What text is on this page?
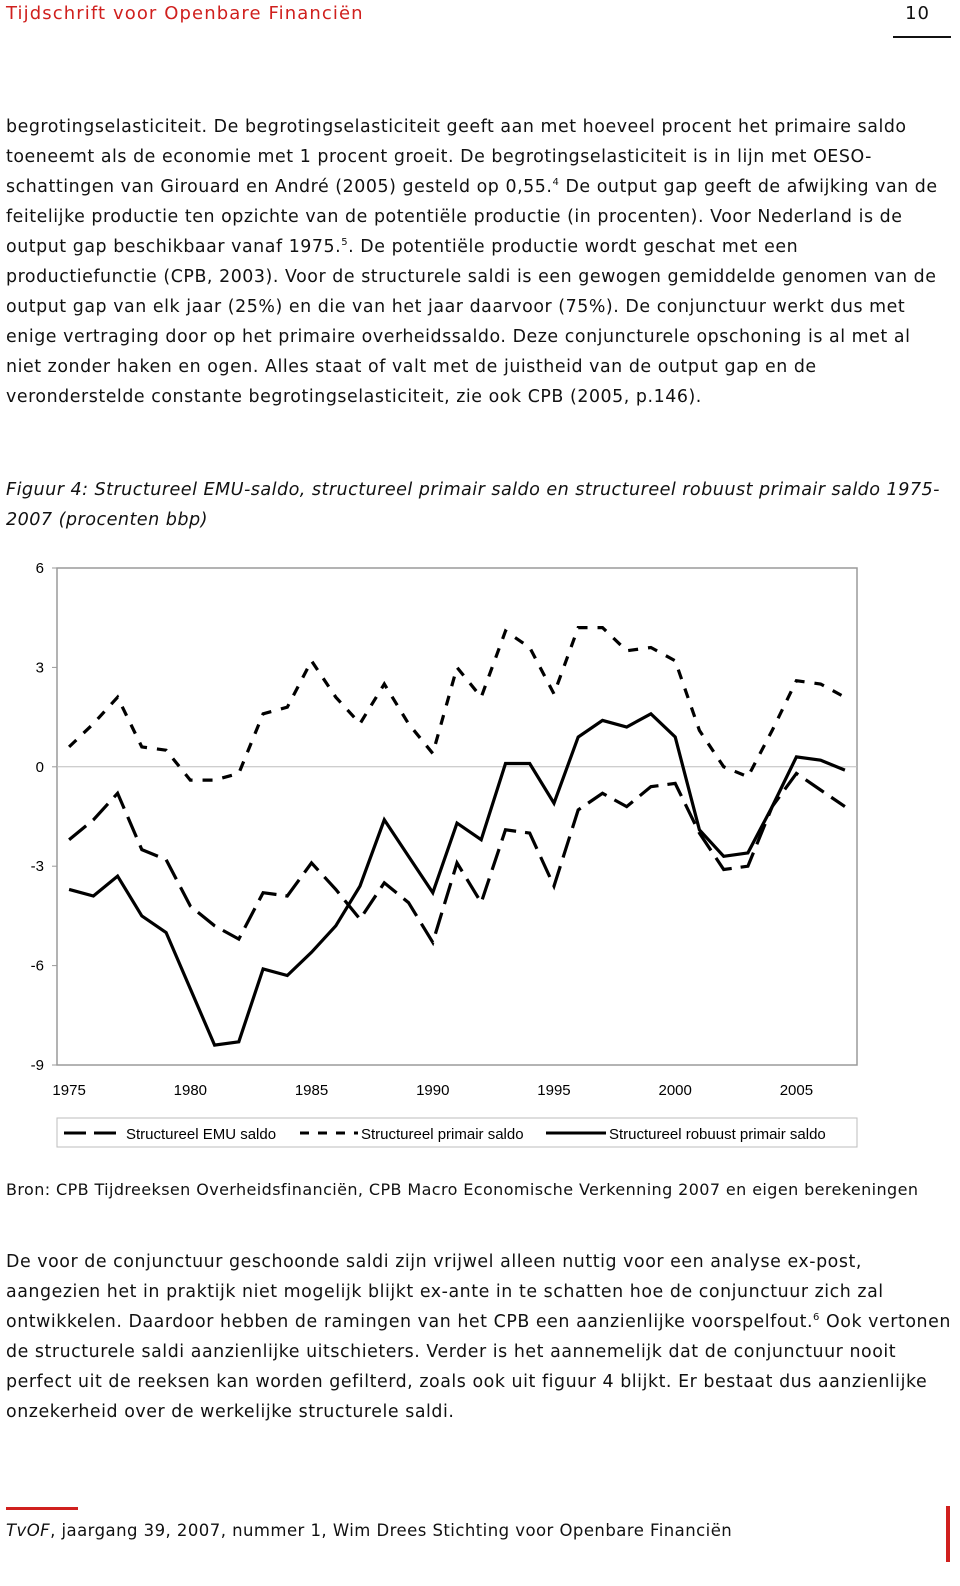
Tijdschrift voor Openbare Financiën	10

begrotingselasticiteit. De begrotingselasticiteit geeft aan met hoeveel procent het primaire saldo toeneemt als de economie met 1 procent groeit. De begrotingselasticiteit is in lijn met OESO-schattingen van Girouard en André (2005) gesteld op 0,55.$^4$ De output gap geeft de afwijking van de feitelijke productie ten opzichte van de potentiële productie (in procenten). Voor Nederland is de output gap beschikbaar vanaf 1975.$^5$. De potentiële productie wordt geschat met een productiefunctie (CPB, 2003). Voor de structurele saldi is een gewogen gemiddelde genomen van de output gap van elk jaar (25%) en die van het jaar daarvoor (75%). De conjunctuur werkt dus met enige vertraging door op het primaire overheidssaldo. Deze conjuncturele opschoning is al met al niet zonder haken en ogen. Alles staat of valt met de juistheid van de output gap en de veronderstelde constante begrotingselasticiteit, zie ook CPB (2005, p.146).

Figuur 4: Structureel EMU-saldo, structureel primair saldo en structureel robuust primair saldo 1975-2007 (procenten bbp)

6
3
0
-3
-6
-9
1975	1980	1985	1990	1995	2000	2005
Structureel EMU saldo	Structureel primair saldo	Structureel robuust primair saldo

Bron: CPB Tijdreeksen Overheidsfinanciën, CPB Macro Economische Verkenning 2007 en eigen berekeningen

De voor de conjunctuur geschoonde saldi zijn vrijwel alleen nuttig voor een analyse ex-post, aangezien het in praktijk niet mogelijk blijkt ex-ante in te schatten hoe de conjunctuur zich zal ontwikkelen. Daardoor hebben de ramingen van het CPB een aanzienlijke voorspelfout.$^6$ Ook vertonen de structurele saldi aanzienlijke uitschieters. Verder is het aannemelijk dat de conjunctuur nooit perfect uit de reeksen kan worden gefilterd, zoals ook uit figuur 4 blijkt. Er bestaat dus aanzienlijke onzekerheid over de werkelijke structurele saldi.

TvOF, jaargang 39, 2007, nummer 1, Wim Drees Stichting voor Openbare Financiën
